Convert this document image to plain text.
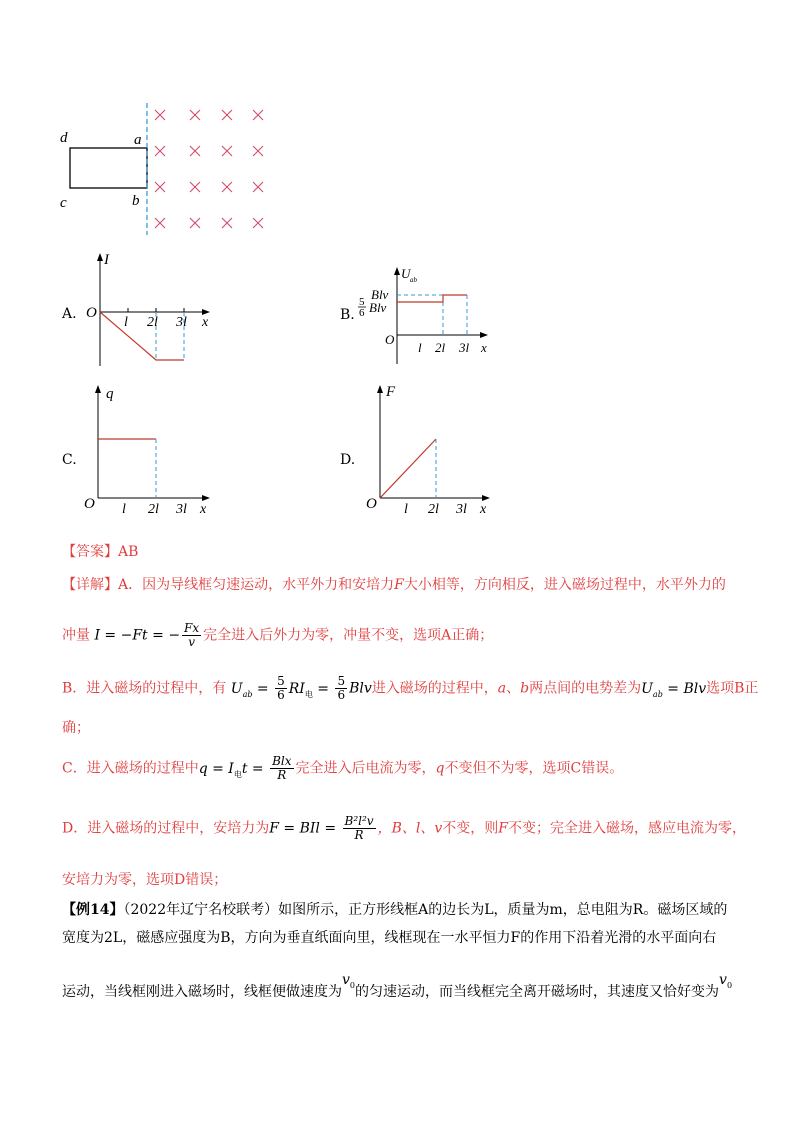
d	a
c	b
A.
I
O
l 2l 3l x	B.
U ab
Blv
5
6 Blv
O
l 2l 3l x
C.
q
O l 2l 3l x
D.
F
O l 2l 3l x
【答案】AB
【详解】A．因为导线框匀速运动，水平外力和安培力F大小相等，方向相反，进入磁场过程中，水平外力的
冲量 I = −Ft = − $\frac{Fx}{v}$ 完全进入后外力为零，冲量不变，选项A正确；
B．进入磁场的过程中，有 $U_{ab} = \frac{5}{6} RI_电 = \frac{5}{6}$ Blv进入磁场的过程中，a、b两点间的电势差为$U_{ab}$ = Blv选项B正
确；
C．进入磁场的过程中$q = I_电t = \frac{\text{Blx}}{R}$ 完全进入后电流为零，q不变但不为零，选项C错误。
D．进入磁场的过程中，安培力为F = BIl = $\frac{\text{B²l²v}}{R}$ ，B、l、v不变，则F不变；完全进入磁场，感应电流为零，
安培力为零，选项D错误；
【例14】（2022年辽宁名校联考）如图所示，正方形线框A的边长为L，质量为m，总电阻为R。磁场区域的
宽度为2L，磁感应强度为B，方向为垂直纸面向里，线框现在一水平恒力F的作用下沿着光滑的水平面向右
运动，当线框刚进入磁场时，线框便做速度为$v_0$的匀速运动，而当线框完全离开磁场时，其速度又恰好变为$v_0$
